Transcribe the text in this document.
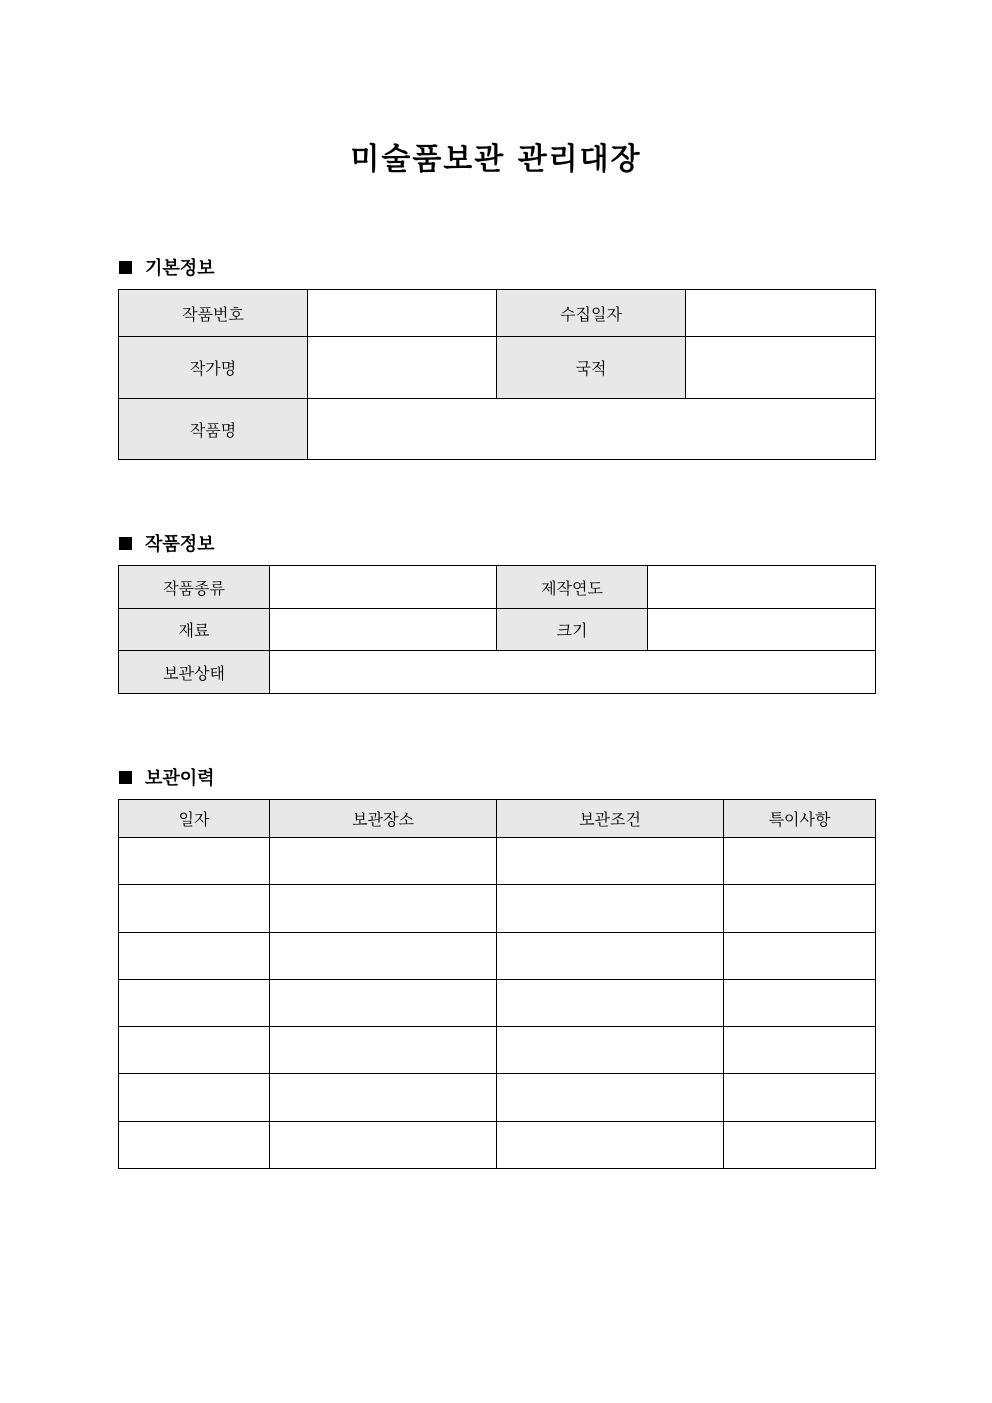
미술품보관 관리대장
기본정보
작품번호		수집일자	
작가명		국적	
작품명			
작품정보
작품종류		제작연도	
재료		크기	
보관상태			
보관이력
일자	보관장소	보관조건	특이사항
